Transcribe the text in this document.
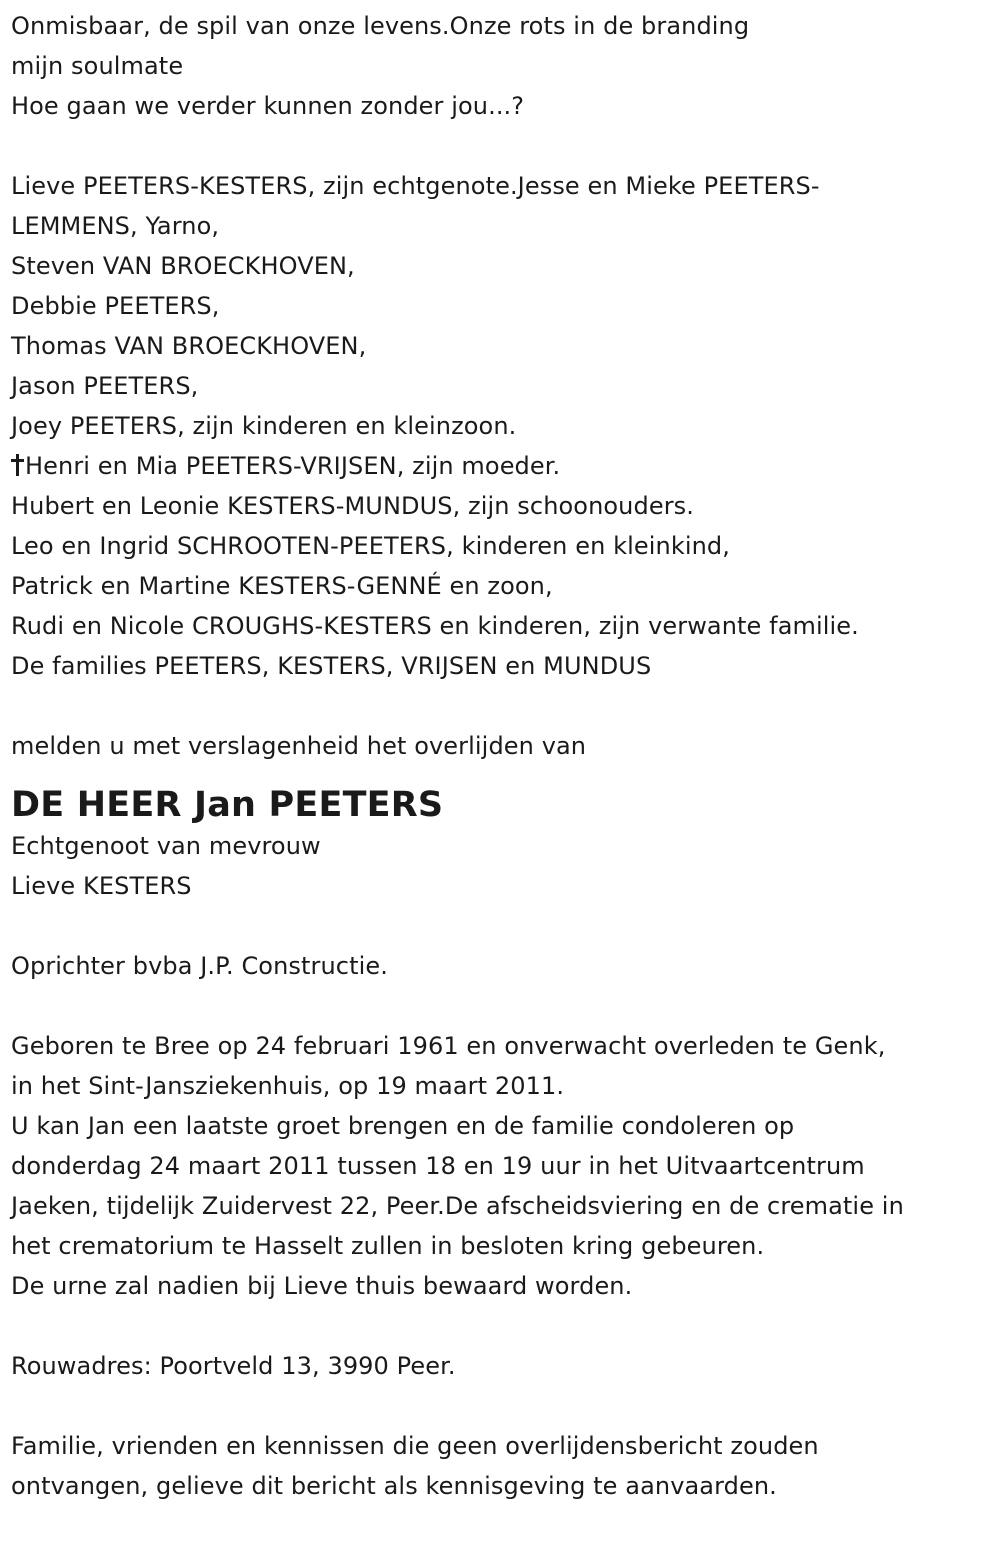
Onmisbaar, de spil van onze levens.Onze rots in de branding
mijn soulmate
Hoe gaan we verder kunnen zonder jou...?
Lieve PEETERS-KESTERS, zijn echtgenote.Jesse en Mieke PEETERS-
LEMMENS, Yarno,
Steven VAN BROECKHOVEN,
Debbie PEETERS,
Thomas VAN BROECKHOVEN,
Jason PEETERS,
Joey PEETERS, zijn kinderen en kleinzoon.
Henri en Mia PEETERS-VRIJSEN, zijn moeder.
Hubert en Leonie KESTERS-MUNDUS, zijn schoonouders.
Leo en Ingrid SCHROOTEN-PEETERS, kinderen en kleinkind,
Patrick en Martine KESTERS-GENNÉ en zoon,
Rudi en Nicole CROUGHS-KESTERS en kinderen, zijn verwante familie.
De families PEETERS, KESTERS, VRIJSEN en MUNDUS
melden u met verslagenheid het overlijden van
DE HEER Jan PEETERS
Echtgenoot van mevrouw
Lieve KESTERS
Oprichter bvba J.P. Constructie.
Geboren te Bree op 24 februari 1961 en onverwacht overleden te Genk,
in het Sint-Jansziekenhuis, op 19 maart 2011.
U kan Jan een laatste groet brengen en de familie condoleren op
donderdag 24 maart 2011 tussen 18 en 19 uur in het Uitvaartcentrum
Jaeken, tijdelijk Zuidervest 22, Peer.De afscheidsviering en de crematie in
het crematorium te Hasselt zullen in besloten kring gebeuren.
De urne zal nadien bij Lieve thuis bewaard worden.
Rouwadres: Poortveld 13, 3990 Peer.
Familie, vrienden en kennissen die geen overlijdensbericht zouden
ontvangen, gelieve dit bericht als kennisgeving te aanvaarden.
